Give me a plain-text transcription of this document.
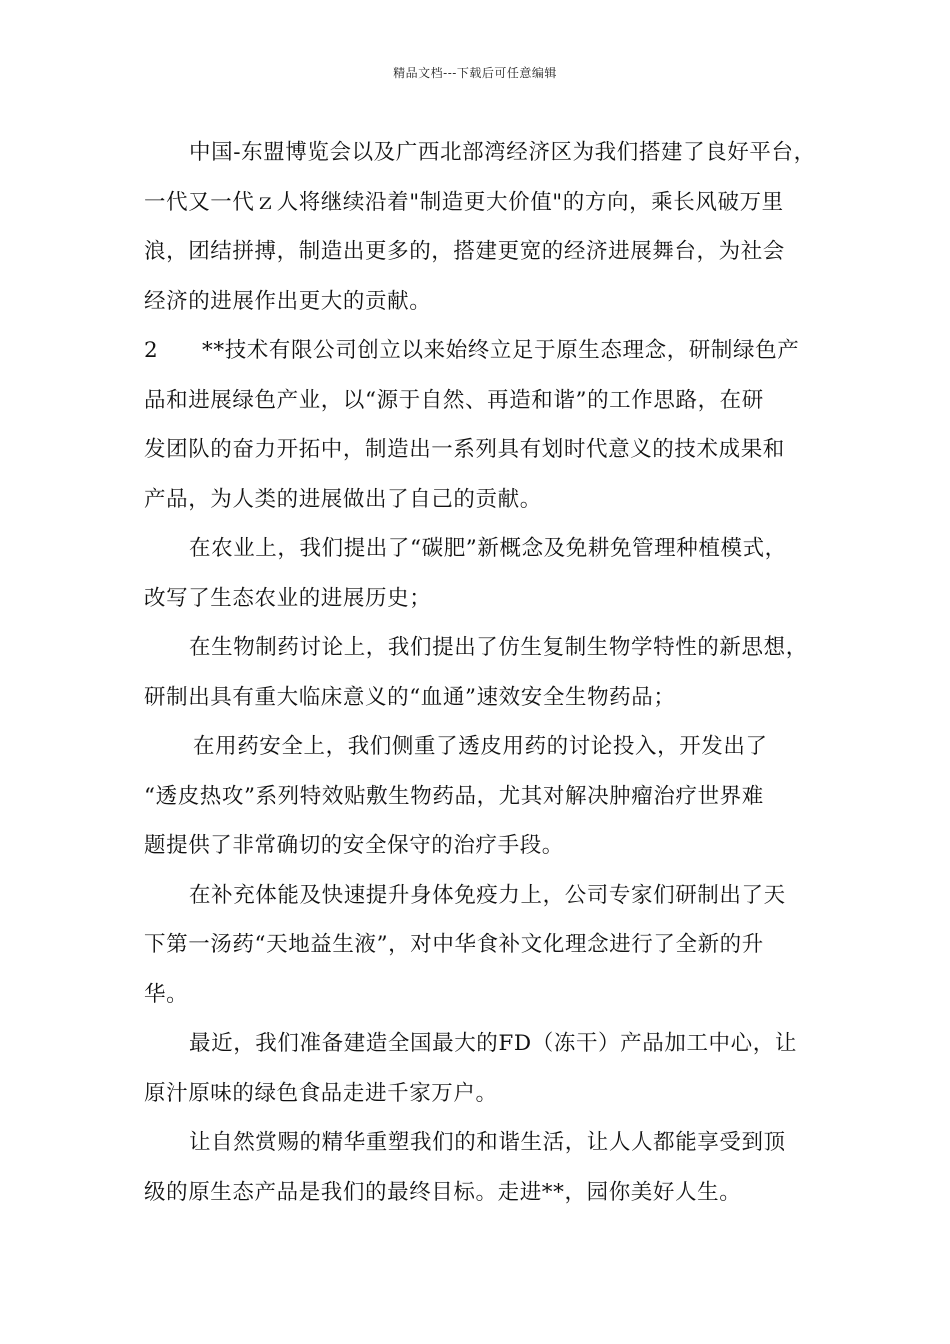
精品文档---下载后可任意编辑
中国-东盟博览会以及广西北部湾经济区为我们搭建了良好平台，
一代又一代ｚ人将继续沿着"制造更大价值"的方向，乘长风破万里
浪，团结拼搏，制造出更多的，搭建更宽的经济进展舞台，为社会
经济的进展作出更大的贡献。
2 **技术有限公司创立以来始终立足于原生态理念，研制绿色产
品和进展绿色产业，以“源于自然、再造和谐”的工作思路，在研
发团队的奋力开拓中，制造出一系列具有划时代意义的技术成果和
产品，为人类的进展做出了自己的贡献。
在农业上，我们提出了“碳肥”新概念及免耕免管理种植模式，
改写了生态农业的进展历史；
在生物制药讨论上，我们提出了仿生复制生物学特性的新思想，
研制出具有重大临床意义的“血通”速效安全生物药品；
在用药安全上，我们侧重了透皮用药的讨论投入，开发出了
“透皮热攻”系列特效贴敷生物药品，尤其对解决肿瘤治疗世界难
题提供了非常确切的安全保守的治疗手段。
在补充体能及快速提升身体免疫力上，公司专家们研制出了天
下第一汤药“天地益生液”，对中华食补文化理念进行了全新的升
华。
最近，我们准备建造全国最大的FD（冻干）产品加工中心，让
原汁原味的绿色食品走进千家万户。
让自然赏赐的精华重塑我们的和谐生活，让人人都能享受到顶
级的原生态产品是我们的最终目标。走进**，园你美好人生。
